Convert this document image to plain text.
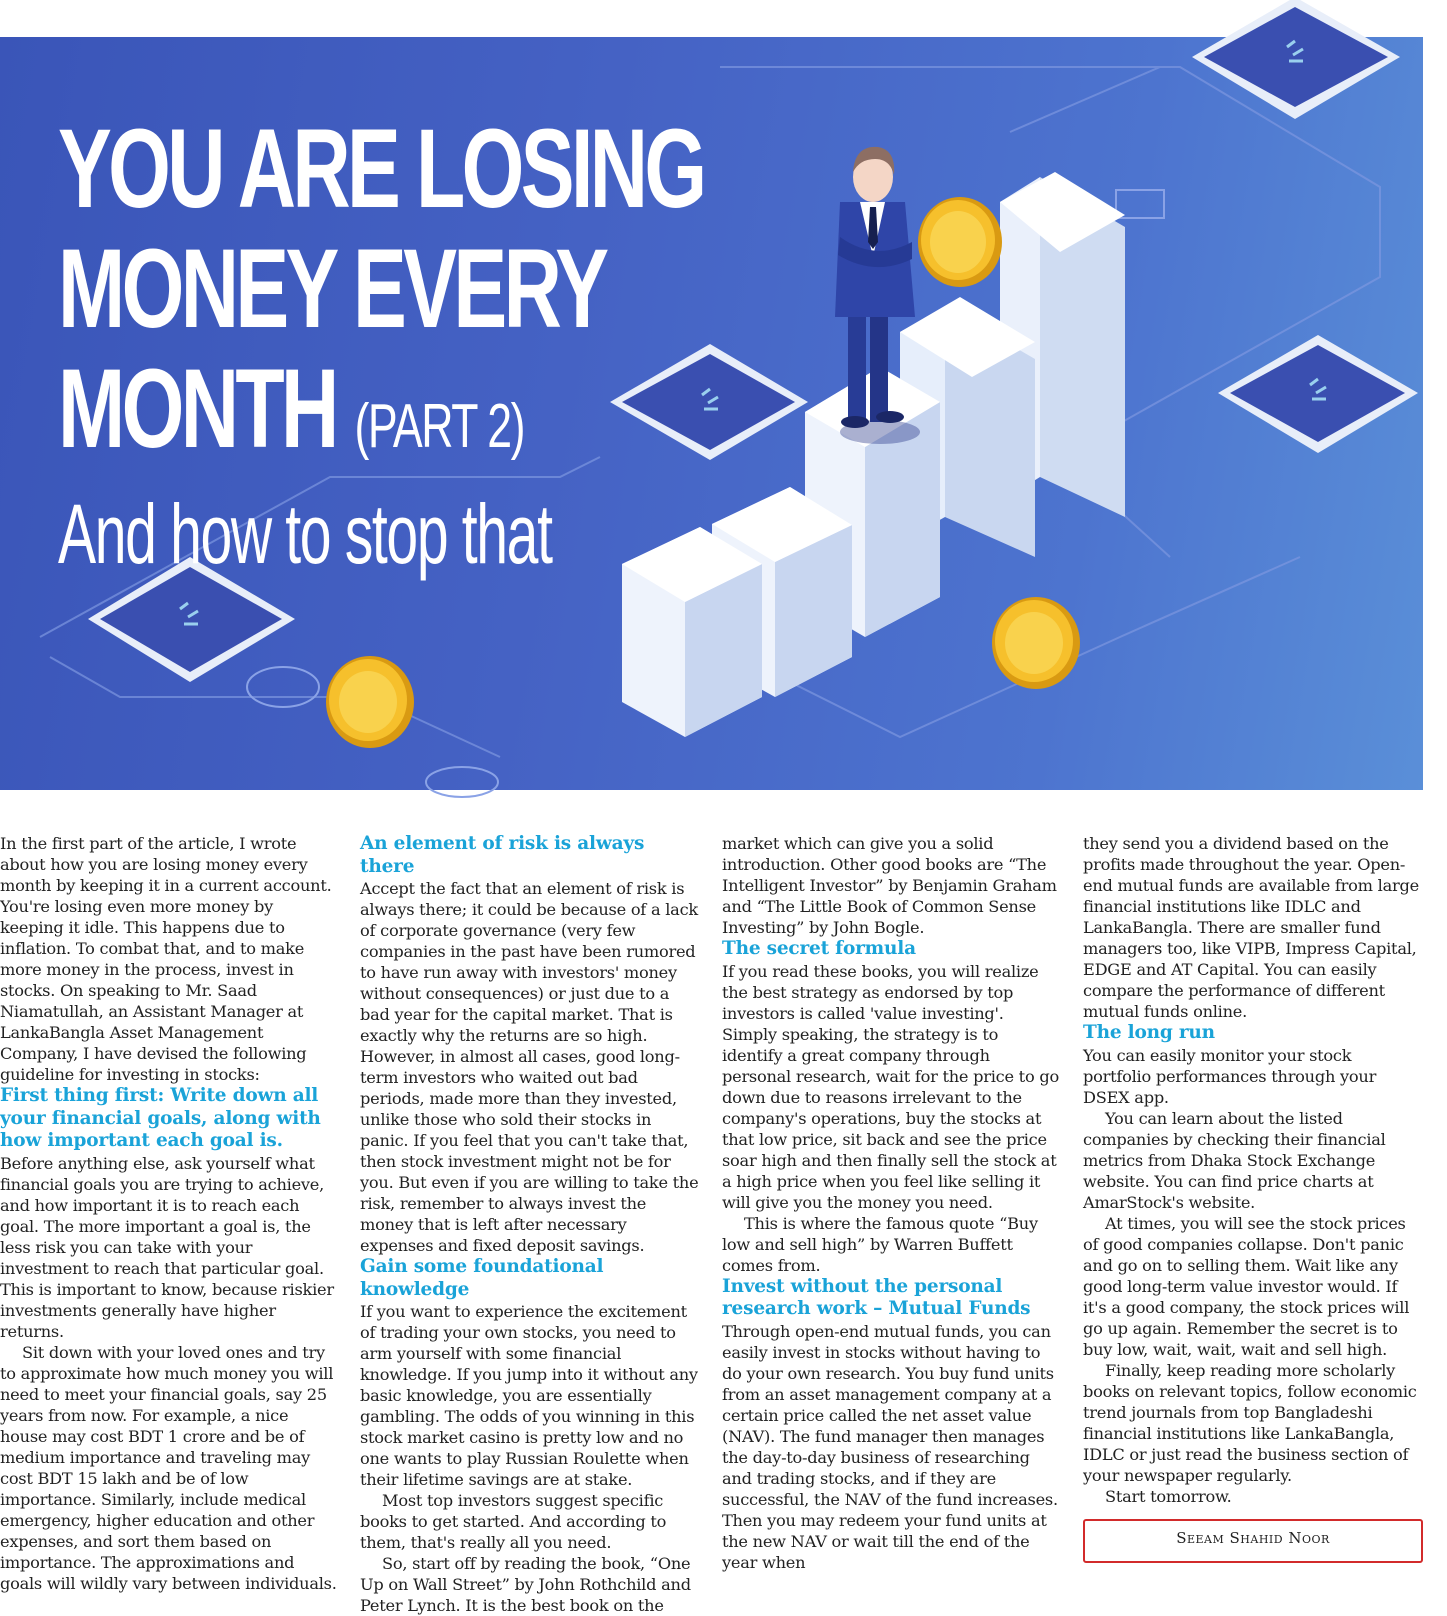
YOU ARE LOSING
MONEY EVERY
MONTH (PART 2)
And how to stop that

In the first part of the article, I wrote about how you are losing money every month by keeping it in a current account. You're losing even more money by keeping it idle. This happens due to inflation. To combat that, and to make more money in the process, invest in stocks. On speaking to Mr. Saad Niamatullah, an Assistant Manager at LankaBangla Asset Management Company, I have devised the following guideline for investing in stocks:

First thing first: Write down all your financial goals, along with how important each goal is.

Before anything else, ask yourself what financial goals you are trying to achieve, and how important it is to reach each goal. The more important a goal is, the less risk you can take with your investment to reach that particular goal. This is important to know, because riskier investments generally have higher returns.

Sit down with your loved ones and try to approximate how much money you will need to meet your financial goals, say 25 years from now. For example, a nice house may cost BDT 1 crore and be of medium importance and traveling may cost BDT 15 lakh and be of low importance. Similarly, include medical emergency, higher education and other expenses, and sort them based on importance. The approximations and goals will wildly vary between individuals.

An element of risk is always there

Accept the fact that an element of risk is always there; it could be because of a lack of corporate governance (very few companies in the past have been rumored to have run away with investors' money without consequences) or just due to a bad year for the capital market. That is exactly why the returns are so high. However, in almost all cases, good long-term investors who waited out bad periods, made more than they invested, unlike those who sold their stocks in panic. If you feel that you can't take that, then stock investment might not be for you. But even if you are willing to take the risk, remember to always invest the money that is left after necessary expenses and fixed deposit savings.

Gain some foundational knowledge

If you want to experience the excitement of trading your own stocks, you need to arm yourself with some financial knowledge. If you jump into it without any basic knowledge, you are essentially gambling. The odds of you winning in this stock market casino is pretty low and no one wants to play Russian Roulette when their lifetime savings are at stake.

Most top investors suggest specific books to get started. And according to them, that's really all you need.

So, start off by reading the book, “One Up on Wall Street” by John Rothchild and Peter Lynch. It is the best book on the

market which can give you a solid introduction. Other good books are “The Intelligent Investor” by Benjamin Graham and “The Little Book of Common Sense Investing” by John Bogle.

The secret formula

If you read these books, you will realize the best strategy as endorsed by top investors is called 'value investing'. Simply speaking, the strategy is to identify a great company through personal research, wait for the price to go down due to reasons irrelevant to the company's operations, buy the stocks at that low price, sit back and see the price soar high and then finally sell the stock at a high price when you feel like selling it will give you the money you need.

This is where the famous quote “Buy low and sell high” by Warren Buffett comes from.

Invest without the personal research work – Mutual Funds

Through open-end mutual funds, you can easily invest in stocks without having to do your own research. You buy fund units from an asset management company at a certain price called the net asset value (NAV). The fund manager then manages the day-to-day business of researching and trading stocks, and if they are successful, the NAV of the fund increases. Then you may redeem your fund units at the new NAV or wait till the end of the year when

they send you a dividend based on the profits made throughout the year. Open-end mutual funds are available from large financial institutions like IDLC and LankaBangla. There are smaller fund managers too, like VIPB, Impress Capital, EDGE and AT Capital. You can easily compare the performance of different mutual funds online.

The long run

You can easily monitor your stock portfolio performances through your DSEX app.

You can learn about the listed companies by checking their financial metrics from Dhaka Stock Exchange website. You can find price charts at AmarStock's website.

At times, you will see the stock prices of good companies collapse. Don't panic and go on to selling them. Wait like any good long-term value investor would. If it's a good company, the stock prices will go up again. Remember the secret is to buy low, wait, wait, wait and sell high.

Finally, keep reading more scholarly books on relevant topics, follow economic trend journals from top Bangladeshi financial institutions like LankaBangla, IDLC or just read the business section of your newspaper regularly.

Start tomorrow.

Seeam Shahid Noor
